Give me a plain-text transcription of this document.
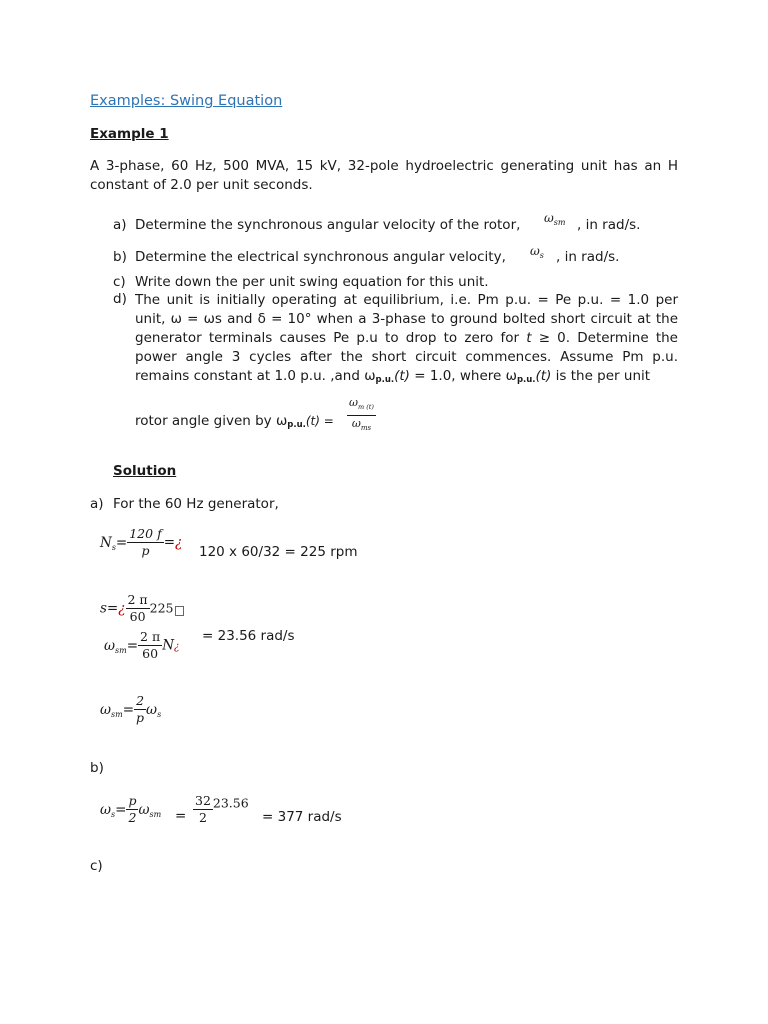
Examples: Swing Equation
Example 1
A 3-phase, 60 Hz, 500 MVA, 15 kV, 32-pole hydroelectric generating unit has an H constant of 2.0 per unit seconds.
a) Determine the synchronous angular velocity of the rotor, $\omega_{sm}$ , in rad/s.
b) Determine the electrical synchronous angular velocity, $\omega_s$ , in rad/s.
c) Write down the per unit swing equation for this unit.
d) The unit is initially operating at equilibrium, i.e. Pm p.u. = Pe p.u. = 1.0 per unit, ω = ωs and δ = 10° when a 3-phase to ground bolted short circuit at the generator terminals causes Pe p.u to drop to zero for t ≥ 0. Determine the power angle 3 cycles after the short circuit commences. Assume Pm p.u. remains constant at 1.0 p.u. ,and ωp.u.(t) = 1.0, where ωp.u.(t) is the per unit
rotor angle given by $\omega p.u.(t) = \frac{\omega_{m (t)}}{\omega_{ms}}$
Solution
a) For the 60 Hz generator,
$N_s= \frac{120 f}{p}$ =¿
120 x 60/32 = 225 rpm
s=¿ $\frac{2 \pi}{60} 225$
$\omega_{sm}= \frac{2 \pi}{60}$ N¿
= 23.56 rad/s
$\omega_{sm}= \frac{2}{p} \omega_s$
b)
$\omega_s= \frac{p}{2} \omega_{sm} = \frac{32}{2} 23.56$
= 377 rad/s
c)
